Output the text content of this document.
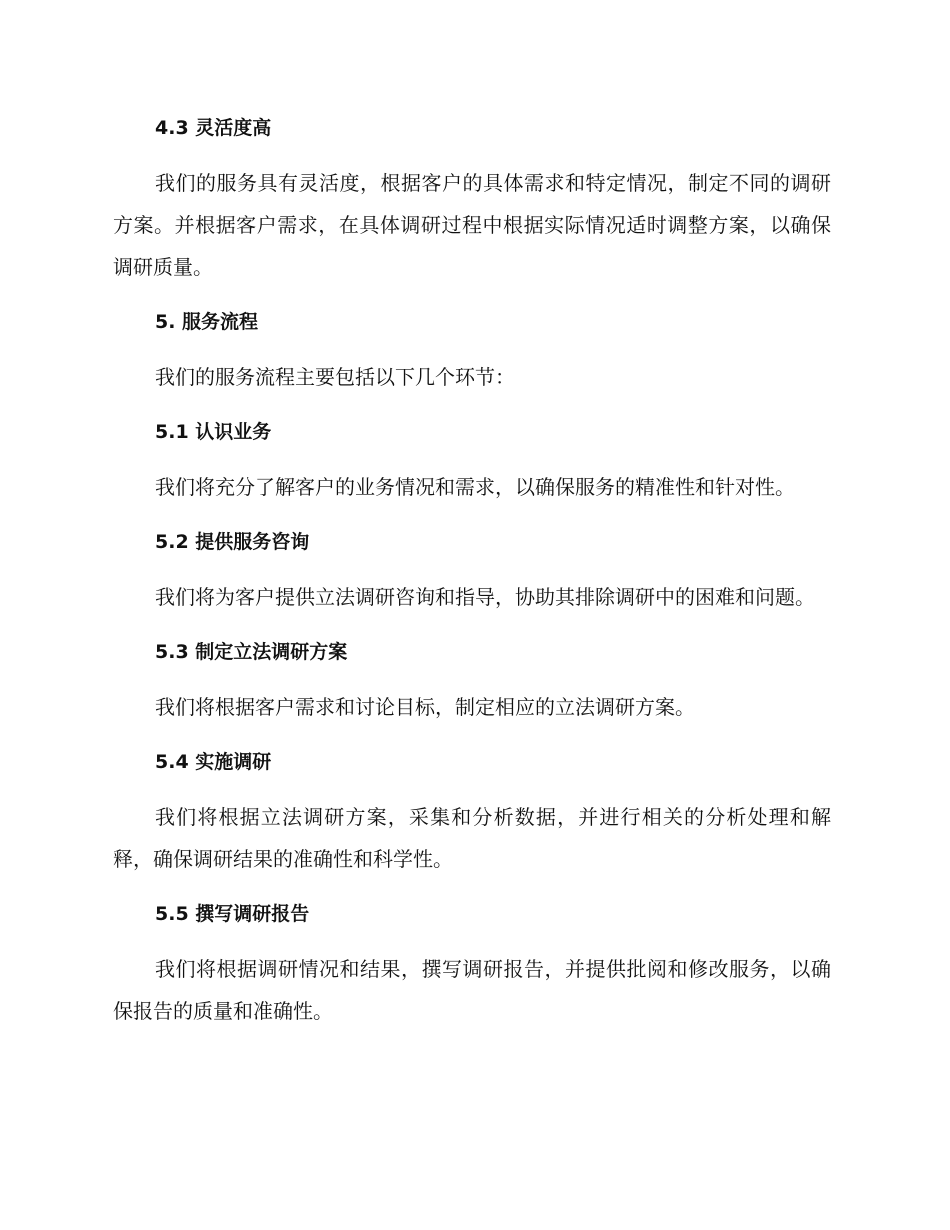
4.3 灵活度高

我们的服务具有灵活度，根据客户的具体需求和特定情况，制定不同的调研方案。并根据客户需求，在具体调研过程中根据实际情况适时调整方案，以确保调研质量。

5. 服务流程

我们的服务流程主要包括以下几个环节：

5.1 认识业务

我们将充分了解客户的业务情况和需求，以确保服务的精准性和针对性。

5.2 提供服务咨询

我们将为客户提供立法调研咨询和指导，协助其排除调研中的困难和问题。

5.3 制定立法调研方案

我们将根据客户需求和讨论目标，制定相应的立法调研方案。

5.4 实施调研

我们将根据立法调研方案，采集和分析数据，并进行相关的分析处理和解释，确保调研结果的准确性和科学性。

5.5 撰写调研报告

我们将根据调研情况和结果，撰写调研报告，并提供批阅和修改服务，以确保报告的质量和准确性。
